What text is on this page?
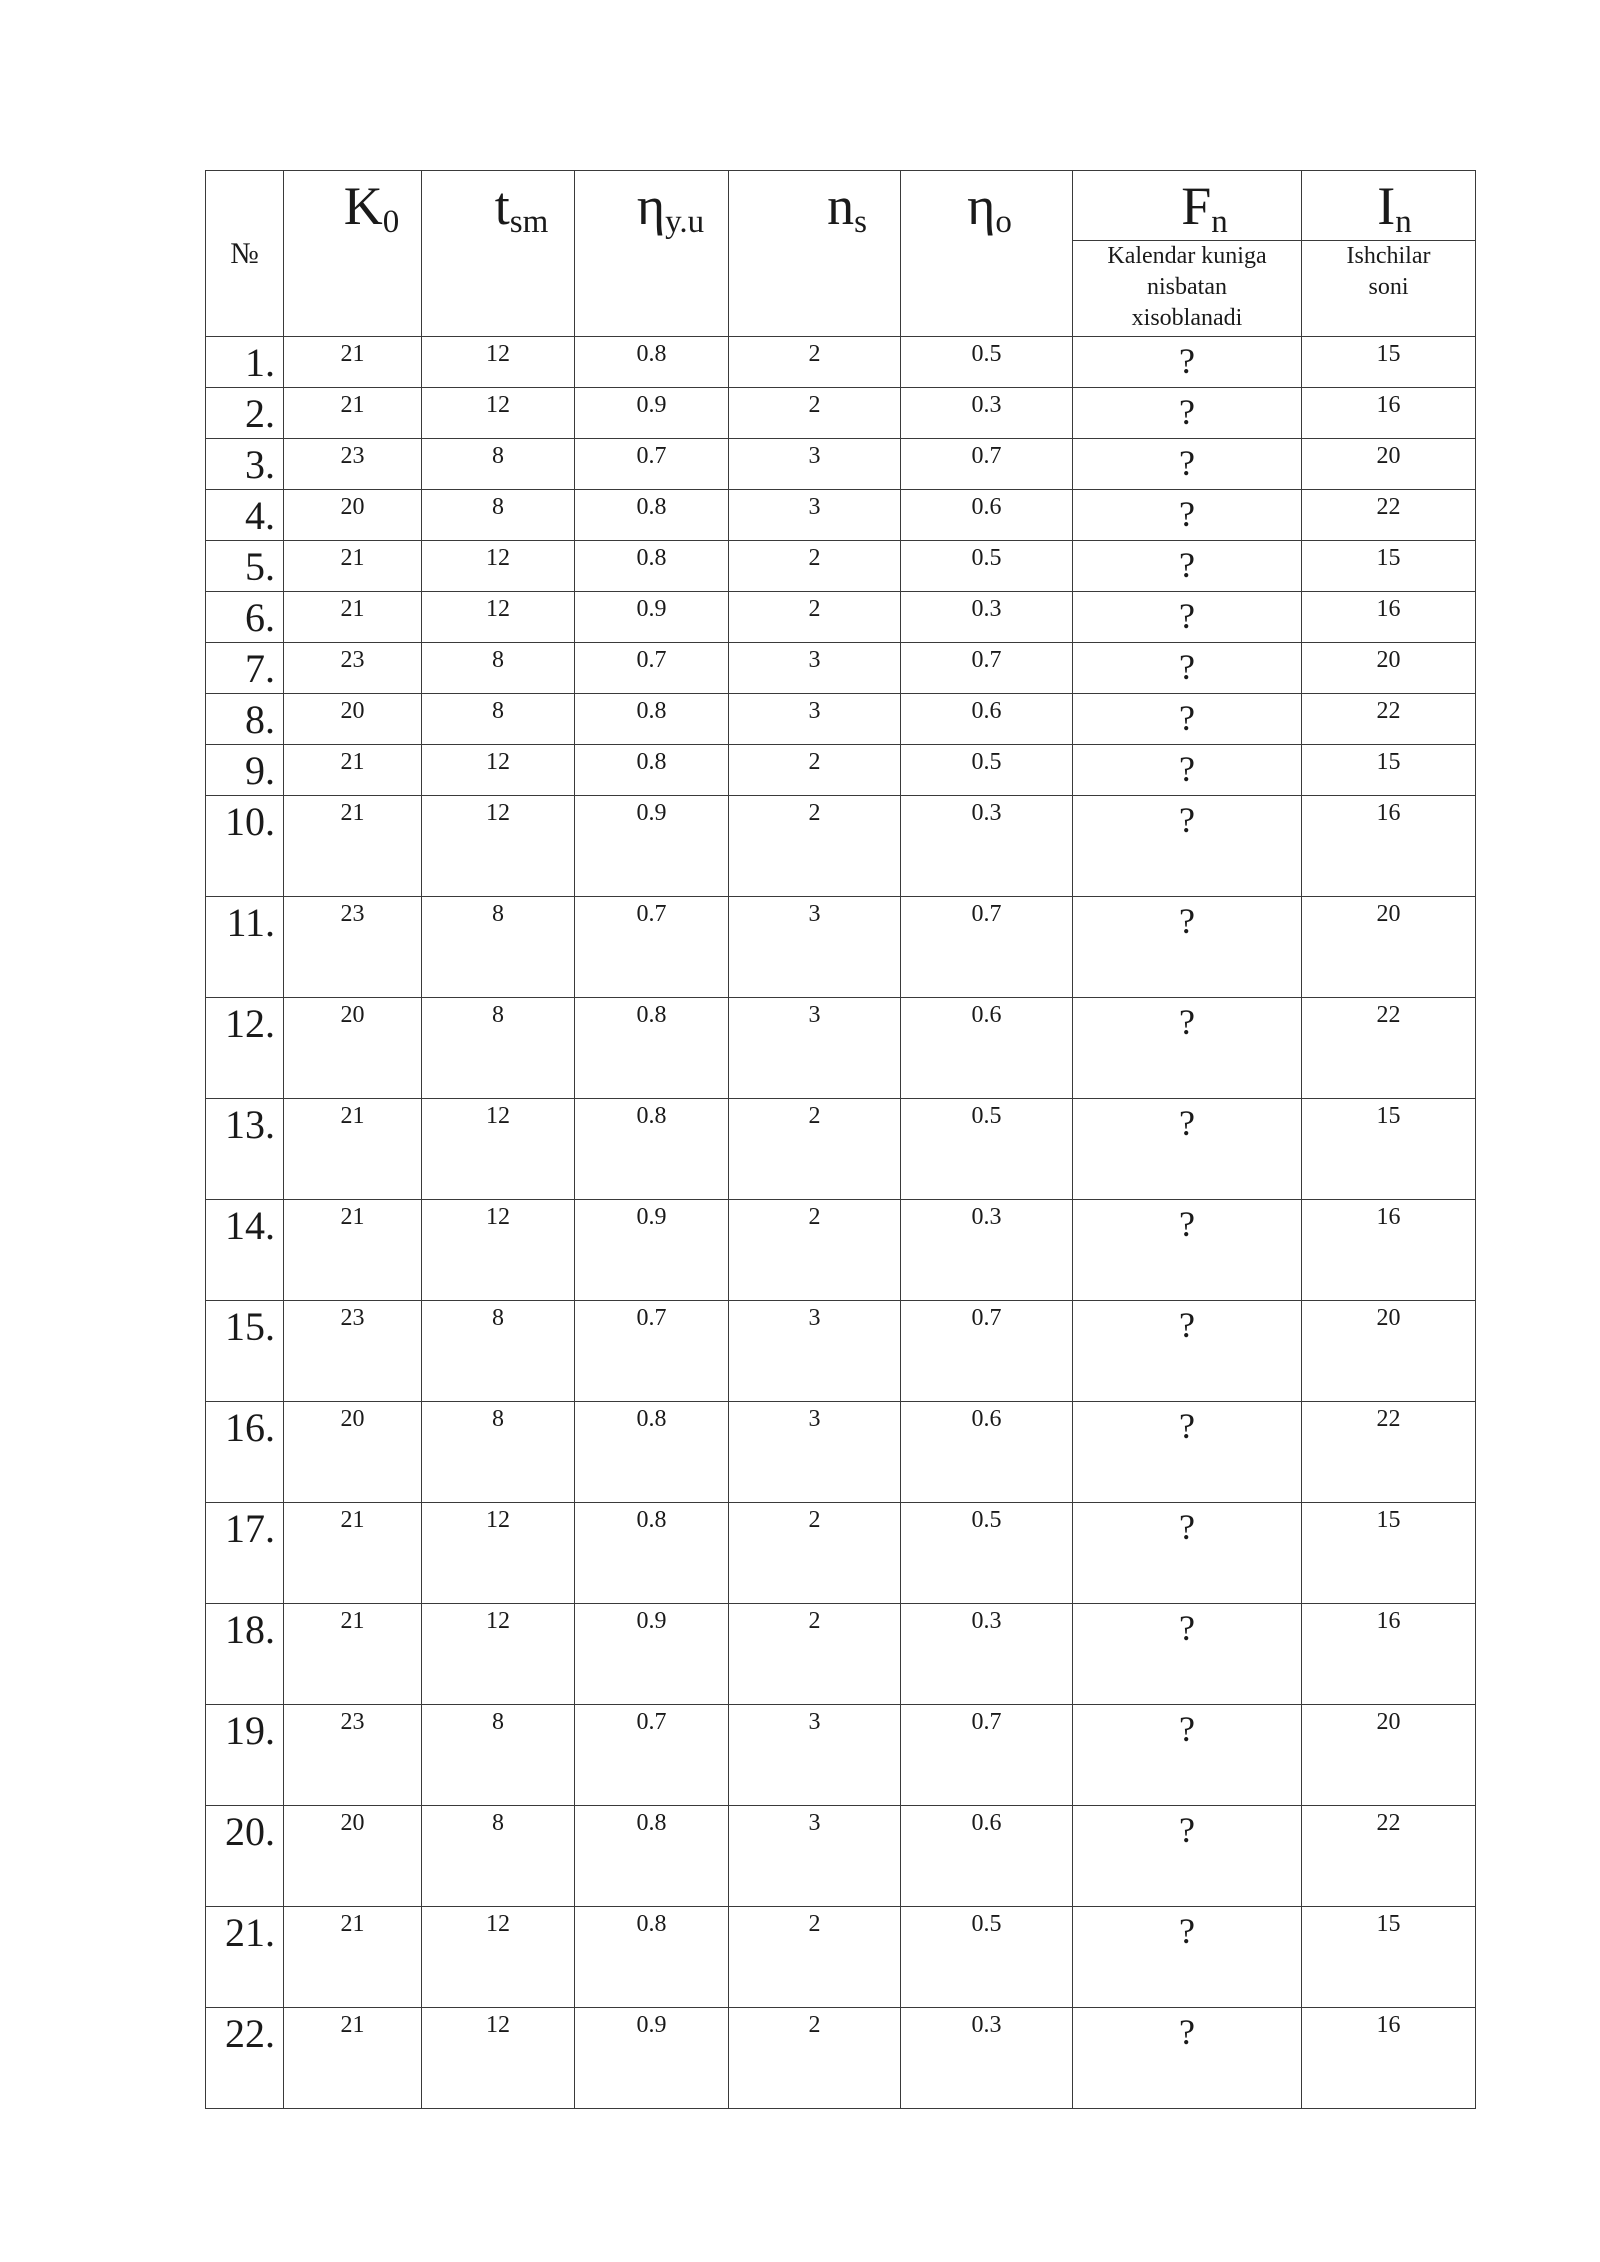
№	$K_0$	$t_{sm}$	$\eta_{y.u}$	$n_s$	$\eta_o$	$F_n$	$I_n$
						Kalendar kuniga nisbatan xisoblanadi	Ishchilar soni
1.	21	12	0.8	2	0.5	?	15
2.	21	12	0.9	2	0.3	?	16
3.	23	8	0.7	3	0.7	?	20
4.	20	8	0.8	3	0.6	?	22
5.	21	12	0.8	2	0.5	?	15
6.	21	12	0.9	2	0.3	?	16
7.	23	8	0.7	3	0.7	?	20
8.	20	8	0.8	3	0.6	?	22
9.	21	12	0.8	2	0.5	?	15
10.	21	12	0.9	2	0.3	?	16
11.	23	8	0.7	3	0.7	?	20
12.	20	8	0.8	3	0.6	?	22
13.	21	12	0.8	2	0.5	?	15
14.	21	12	0.9	2	0.3	?	16
15.	23	8	0.7	3	0.7	?	20
16.	20	8	0.8	3	0.6	?	22
17.	21	12	0.8	2	0.5	?	15
18.	21	12	0.9	2	0.3	?	16
19.	23	8	0.7	3	0.7	?	20
20.	20	8	0.8	3	0.6	?	22
21.	21	12	0.8	2	0.5	?	15
22.	21	12	0.9	2	0.3	?	16
